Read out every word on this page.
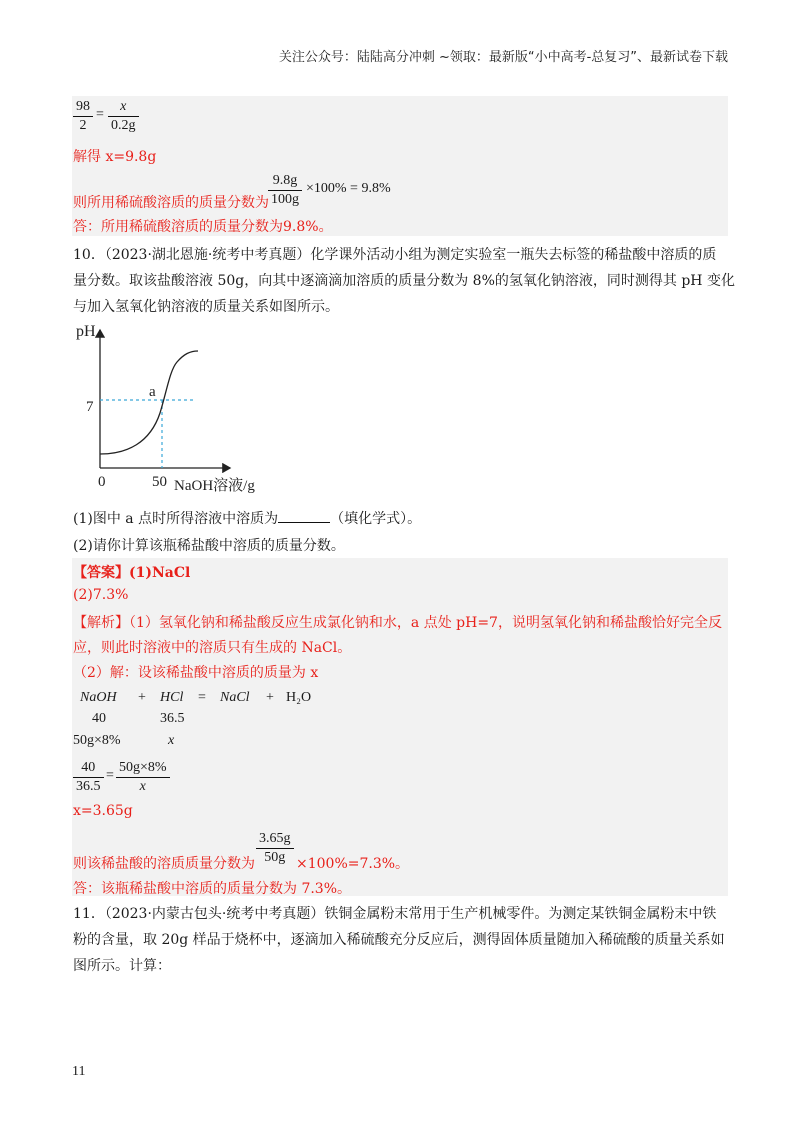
关注公众号：陆陆高分冲刺 ~领取：最新版“小中高考-总复习”、最新试卷下载
$\frac{98}{2} = \frac{x}{0.2g}$
解得 x=9.8g
则所用稀硫酸溶质的质量分数为 $\frac{9.8g}{100g} \times 100\% = 9.8\%$
答：所用稀硫酸溶质的质量分数为9.8%。
10．（2023·湖北恩施·统考中考真题）化学课外活动小组为测定实验室一瓶失去标签的稀盐酸中溶质的质
量分数。取该盐酸溶液 50g，向其中逐滴滴加溶质的质量分数为 8%的氢氧化钠溶液，同时测得其 pH 变化
与加入氢氧化钠溶液的质量关系如图所示。
pH
7
a
0	50 NaOH溶液/g
(1)图中 a 点时所得溶液中溶质为	（填化学式）。
(2)请你计算该瓶稀盐酸中溶质的质量分数。
【答案】(1)NaCl
(2)7.3%
【解析】（1）氢氧化钠和稀盐酸反应生成氯化钠和水，a 点处 pH=7，说明氢氧化钠和稀盐酸恰好完全反
应，则此时溶液中的溶质只有生成的 NaCl。
（2）解：设该稀盐酸中溶质的质量为 x
NaOH + HCl = NaCl + H₂O
40	36.5
50g×8%	x
$\frac{40}{36.5} = \frac{50g\times 8\%}{x}$
x=3.65g
则该稀盐酸的溶质质量分数为 $\frac{3.65g}{50g} \times 100\%=7.3\%$。
答：该瓶稀盐酸中溶质的质量分数为 7.3%。
11．（2023·内蒙古包头·统考中考真题）铁铜金属粉末常用于生产机械零件。为测定某铁铜金属粉末中铁
粉的含量，取 20g 样品于烧杯中，逐滴加入稀硫酸充分反应后，测得固体质量随加入稀硫酸的质量关系如
图所示。计算：
11
